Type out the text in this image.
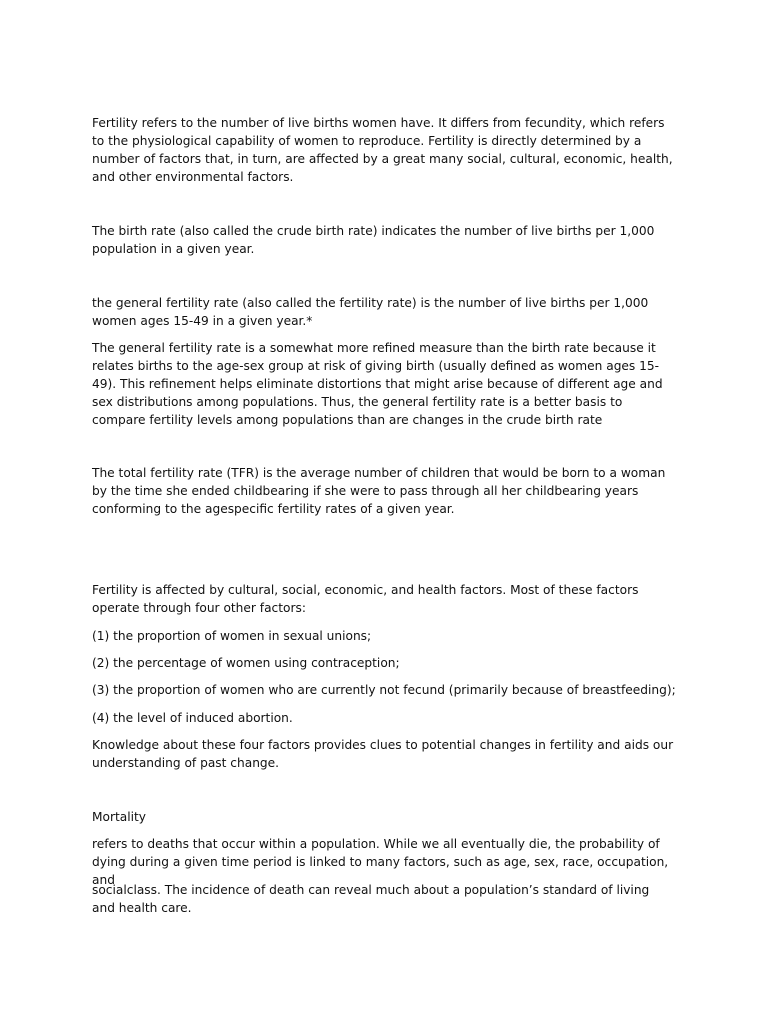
Fertility refers to the number of live births women have. It differs from fecundity, which refers to the physiological capability of women to reproduce. Fertility is directly determined by a number of factors that, in turn, are affected by a great many social, cultural, economic, health, and other environmental factors.

The birth rate (also called the crude birth rate) indicates the number of live births per 1,000 population in a given year.

the general fertility rate (also called the fertility rate) is the number of live births per 1,000 women ages 15-49 in a given year.*

The general fertility rate is a somewhat more refined measure than the birth rate because it relates births to the age-sex group at risk of giving birth (usually defined as women ages 15-49). This refinement helps eliminate distortions that might arise because of different age and sex distributions among populations. Thus, the general fertility rate is a better basis to compare fertility levels among populations than are changes in the crude birth rate

The total fertility rate (TFR) is the average number of children that would be born to a woman by the time she ended childbearing if she were to pass through all her childbearing years conforming to the agespecific fertility rates of a given year.

Fertility is affected by cultural, social, economic, and health factors. Most of these factors operate through four other factors:

(1) the proportion of women in sexual unions;

(2) the percentage of women using contraception;

(3) the proportion of women who are currently not fecund (primarily because of breastfeeding);

(4) the level of induced abortion.

Knowledge about these four factors provides clues to potential changes in fertility and aids our understanding of past change.

Mortality

refers to deaths that occur within a population. While we all eventually die, the probability of dying during a given time period is linked to many factors, such as age, sex, race, occupation, and

socialclass. The incidence of death can reveal much about a population’s standard of living and health care.
